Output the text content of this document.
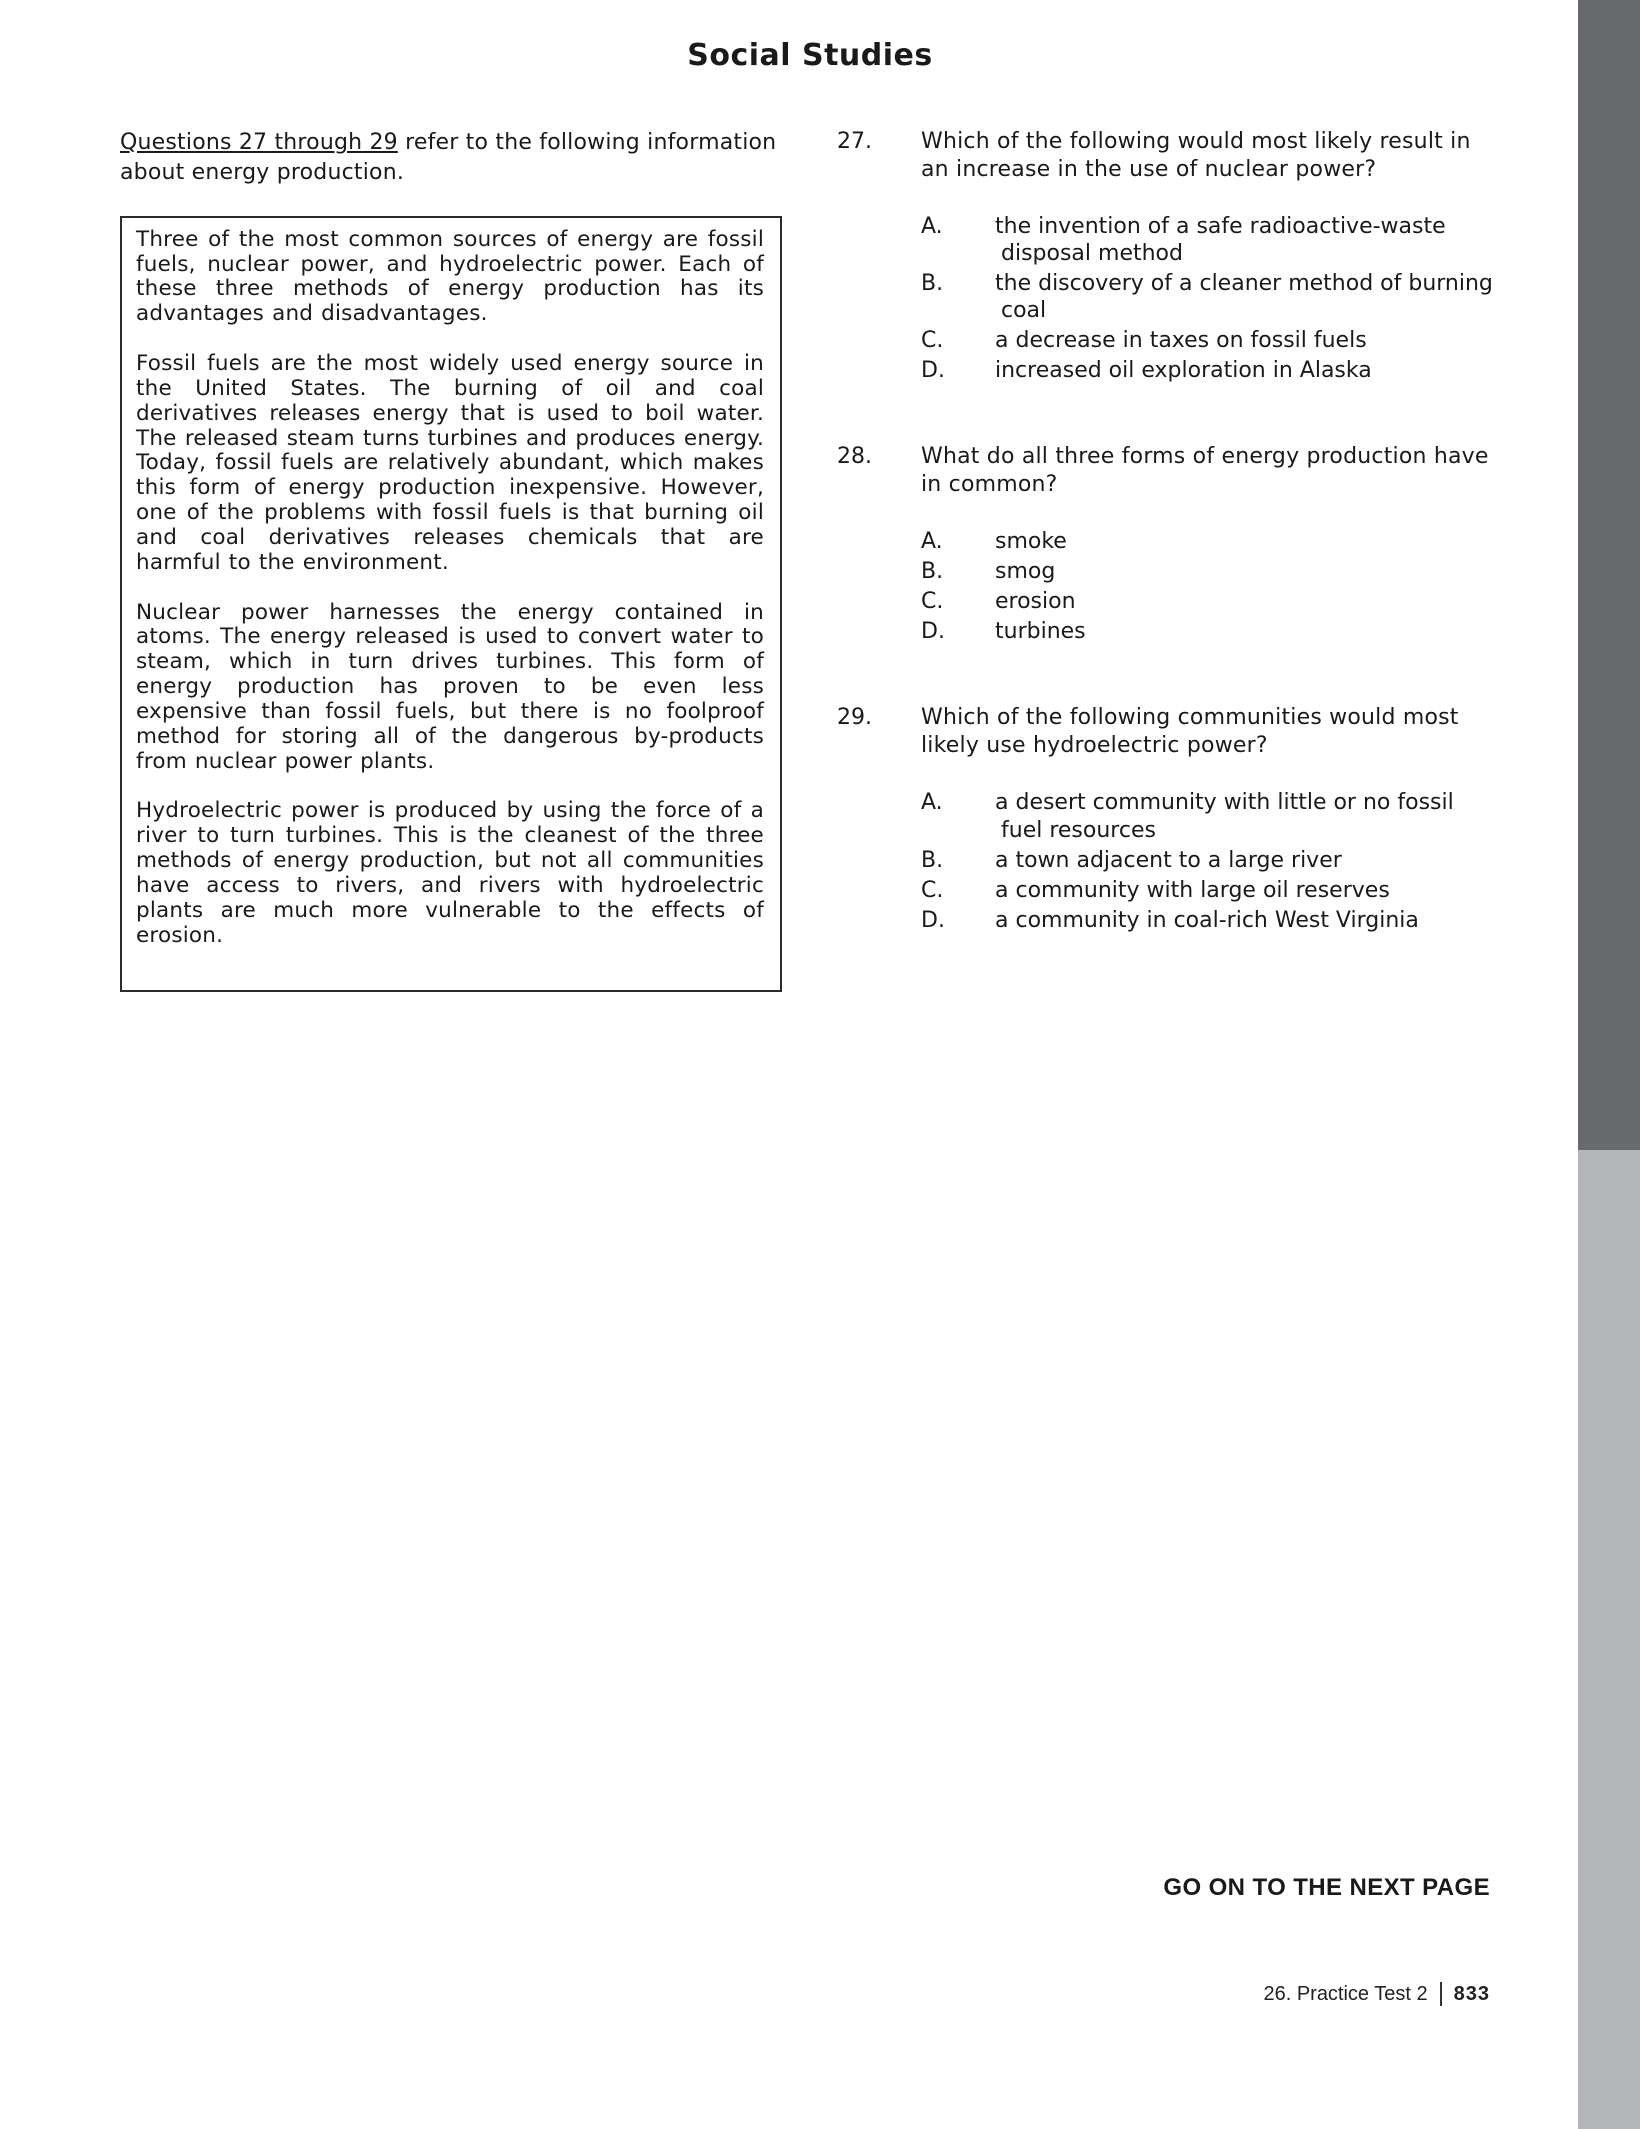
Social Studies

Questions 27 through 29 refer to the following information about energy production.

Three of the most common sources of energy are fossil fuels, nuclear power, and hydroelectric power. Each of these three methods of energy production has its advantages and disadvantages.

Fossil fuels are the most widely used energy source in the United States. The burning of oil and coal derivatives releases energy that is used to boil water. The released steam turns turbines and produces energy. Today, fossil fuels are relatively abundant, which makes this form of energy production inexpensive. However, one of the problems with fossil fuels is that burning oil and coal derivatives releases chemicals that are harmful to the environment.

Nuclear power harnesses the energy contained in atoms. The energy released is used to convert water to steam, which in turn drives turbines. This form of energy production has proven to be even less expensive than fossil fuels, but there is no foolproof method for storing all of the dangerous by-products from nuclear power plants.

Hydroelectric power is produced by using the force of a river to turn turbines. This is the cleanest of the three methods of energy production, but not all communities have access to rivers, and rivers with hydroelectric plants are much more vulnerable to the effects of erosion.

27.	Which of the following would most likely result in an increase in the use of nuclear power?

A.	the invention of a safe radioactive-waste disposal method
B.	the discovery of a cleaner method of burning coal
C.	a decrease in taxes on fossil fuels
D.	increased oil exploration in Alaska
28.	What do all three forms of energy production have in common?

A.	smoke
B.	smog
C.	erosion
D.	turbines
29.	Which of the following communities would most likely use hydroelectric power?

A.	a desert community with little or no fossil fuel resources
B.	a town adjacent to a large river
C.	a community with large oil reserves
D.	a community in coal-rich West Virginia
GO ON TO THE NEXT PAGE
26. Practice Test 2 833
